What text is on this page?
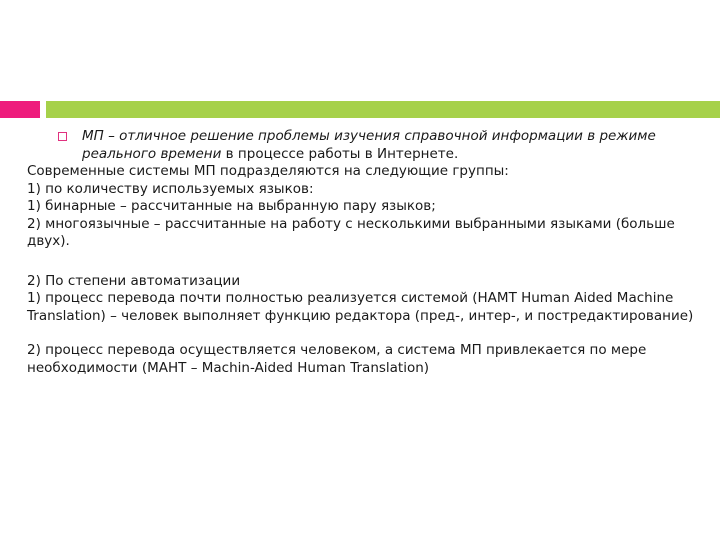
МП – отличное решение проблемы изучения справочной информации в режиме реального времени в процессе работы в Интернете.

Современные системы МП подразделяются на следующие группы:

1) по количеству используемых языков:

1) бинарные – рассчитанные на выбранную пару языков;

2) многоязычные – рассчитанные на работу с несколькими выбранными языками (больше двух).

2) По степени автоматизации

1) процесс перевода почти полностью реализуется системой (HAMT Human Aided Machine Translation) – человек выполняет функцию редактора (пред-, интер-, и постредактирование)

2) процесс перевода осуществляется человеком, а система МП привлекается по мере необходимости (MAHT – Machin-Aided Human Translation)
